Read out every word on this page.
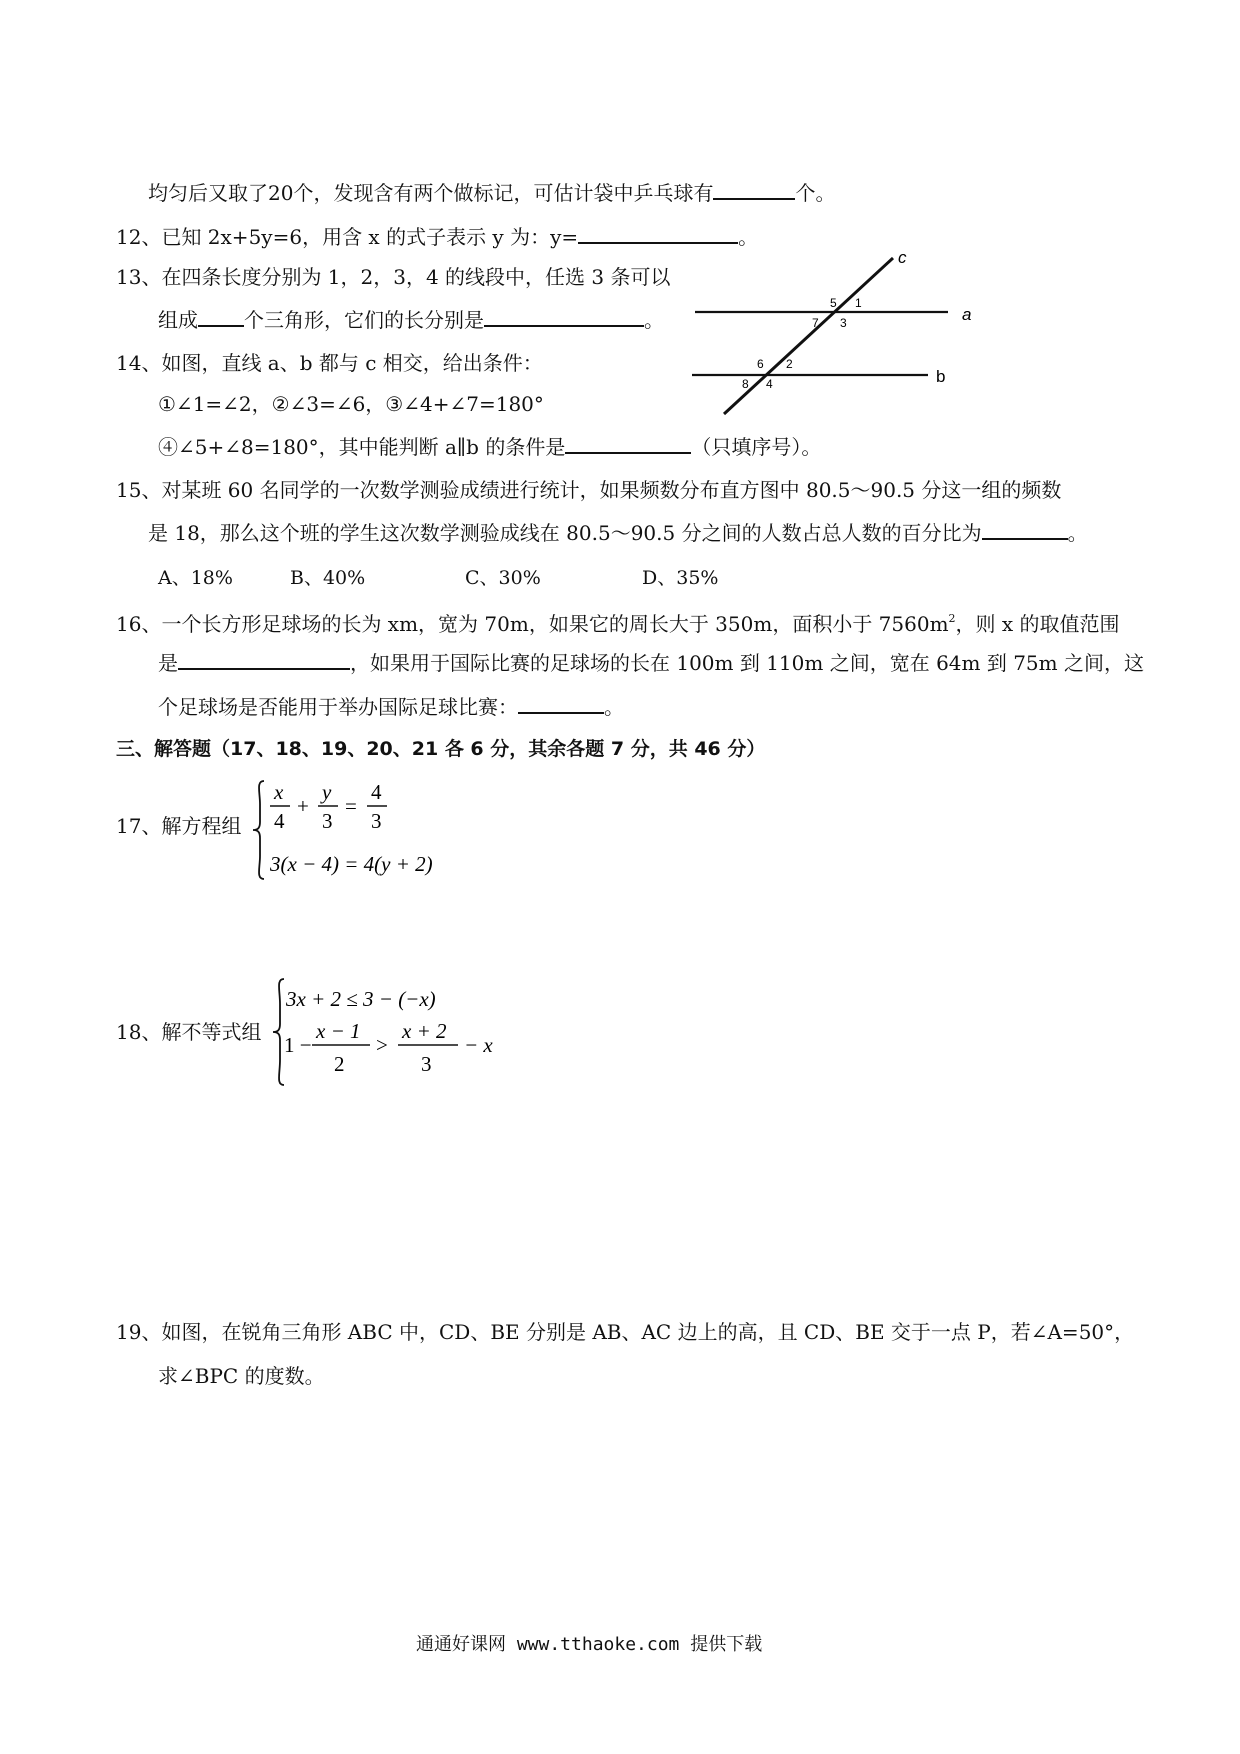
均匀后又取了20个，发现含有两个做标记，可估计袋中乒乓球有	个。
12、已知 2x+5y=6，用含 x 的式子表示 y 为：y=	。
13、在四条长度分别为 1，2，3，4 的线段中，任选 3 条可以
组成 个三角形，它们的长分别是	。	a
b
c
5 1
7 3
6 2
8 4
14、如图，直线 a、b 都与 c 相交，给出条件：
①∠1=∠2，②∠3=∠6，③∠4+∠7=180°
④∠5+∠8=180°，其中能判断 a∥b 的条件是	（只填序号）。
15、对某班 60 名同学的一次数学测验成绩进行统计，如果频数分布直方图中 80.5～90.5 分这一组的频数
是 18，那么这个班的学生这次数学测验成线在 80.5～90.5 分之间的人数占总人数的百分比为	。
A、18%	B、40%	C、30%	D、35%
16、一个长方形足球场的长为 xm，宽为 70m，如果它的周长大于 350m，面积小于 $7560m^2$，则 x 的取值范围
是	，如果用于国际比赛的足球场的长在 100m 到 110m 之间，宽在 64m 到 75m 之间，这
个足球场是否能用于举办国际足球比赛：	。
三、解答题（17、18、19、20、21 各 6 分，其余各题 7 分，共 46 分）
17、解方程组
x
4
+
y
3
=
4
3
3(x − 4) = 4(y + 2)
18、解不等式组
3x + 2 ≤ 3 − (−x)
1 −
x − 1
2
>
x + 2
3
− x
19、如图，在锐角三角形 ABC 中，CD、BE 分别是 AB、AC 边上的高，且 CD、BE 交于一点 P，若∠A=50°，
求∠BPC 的度数。
通通好课网 www.tthaoke.com 提供下载
